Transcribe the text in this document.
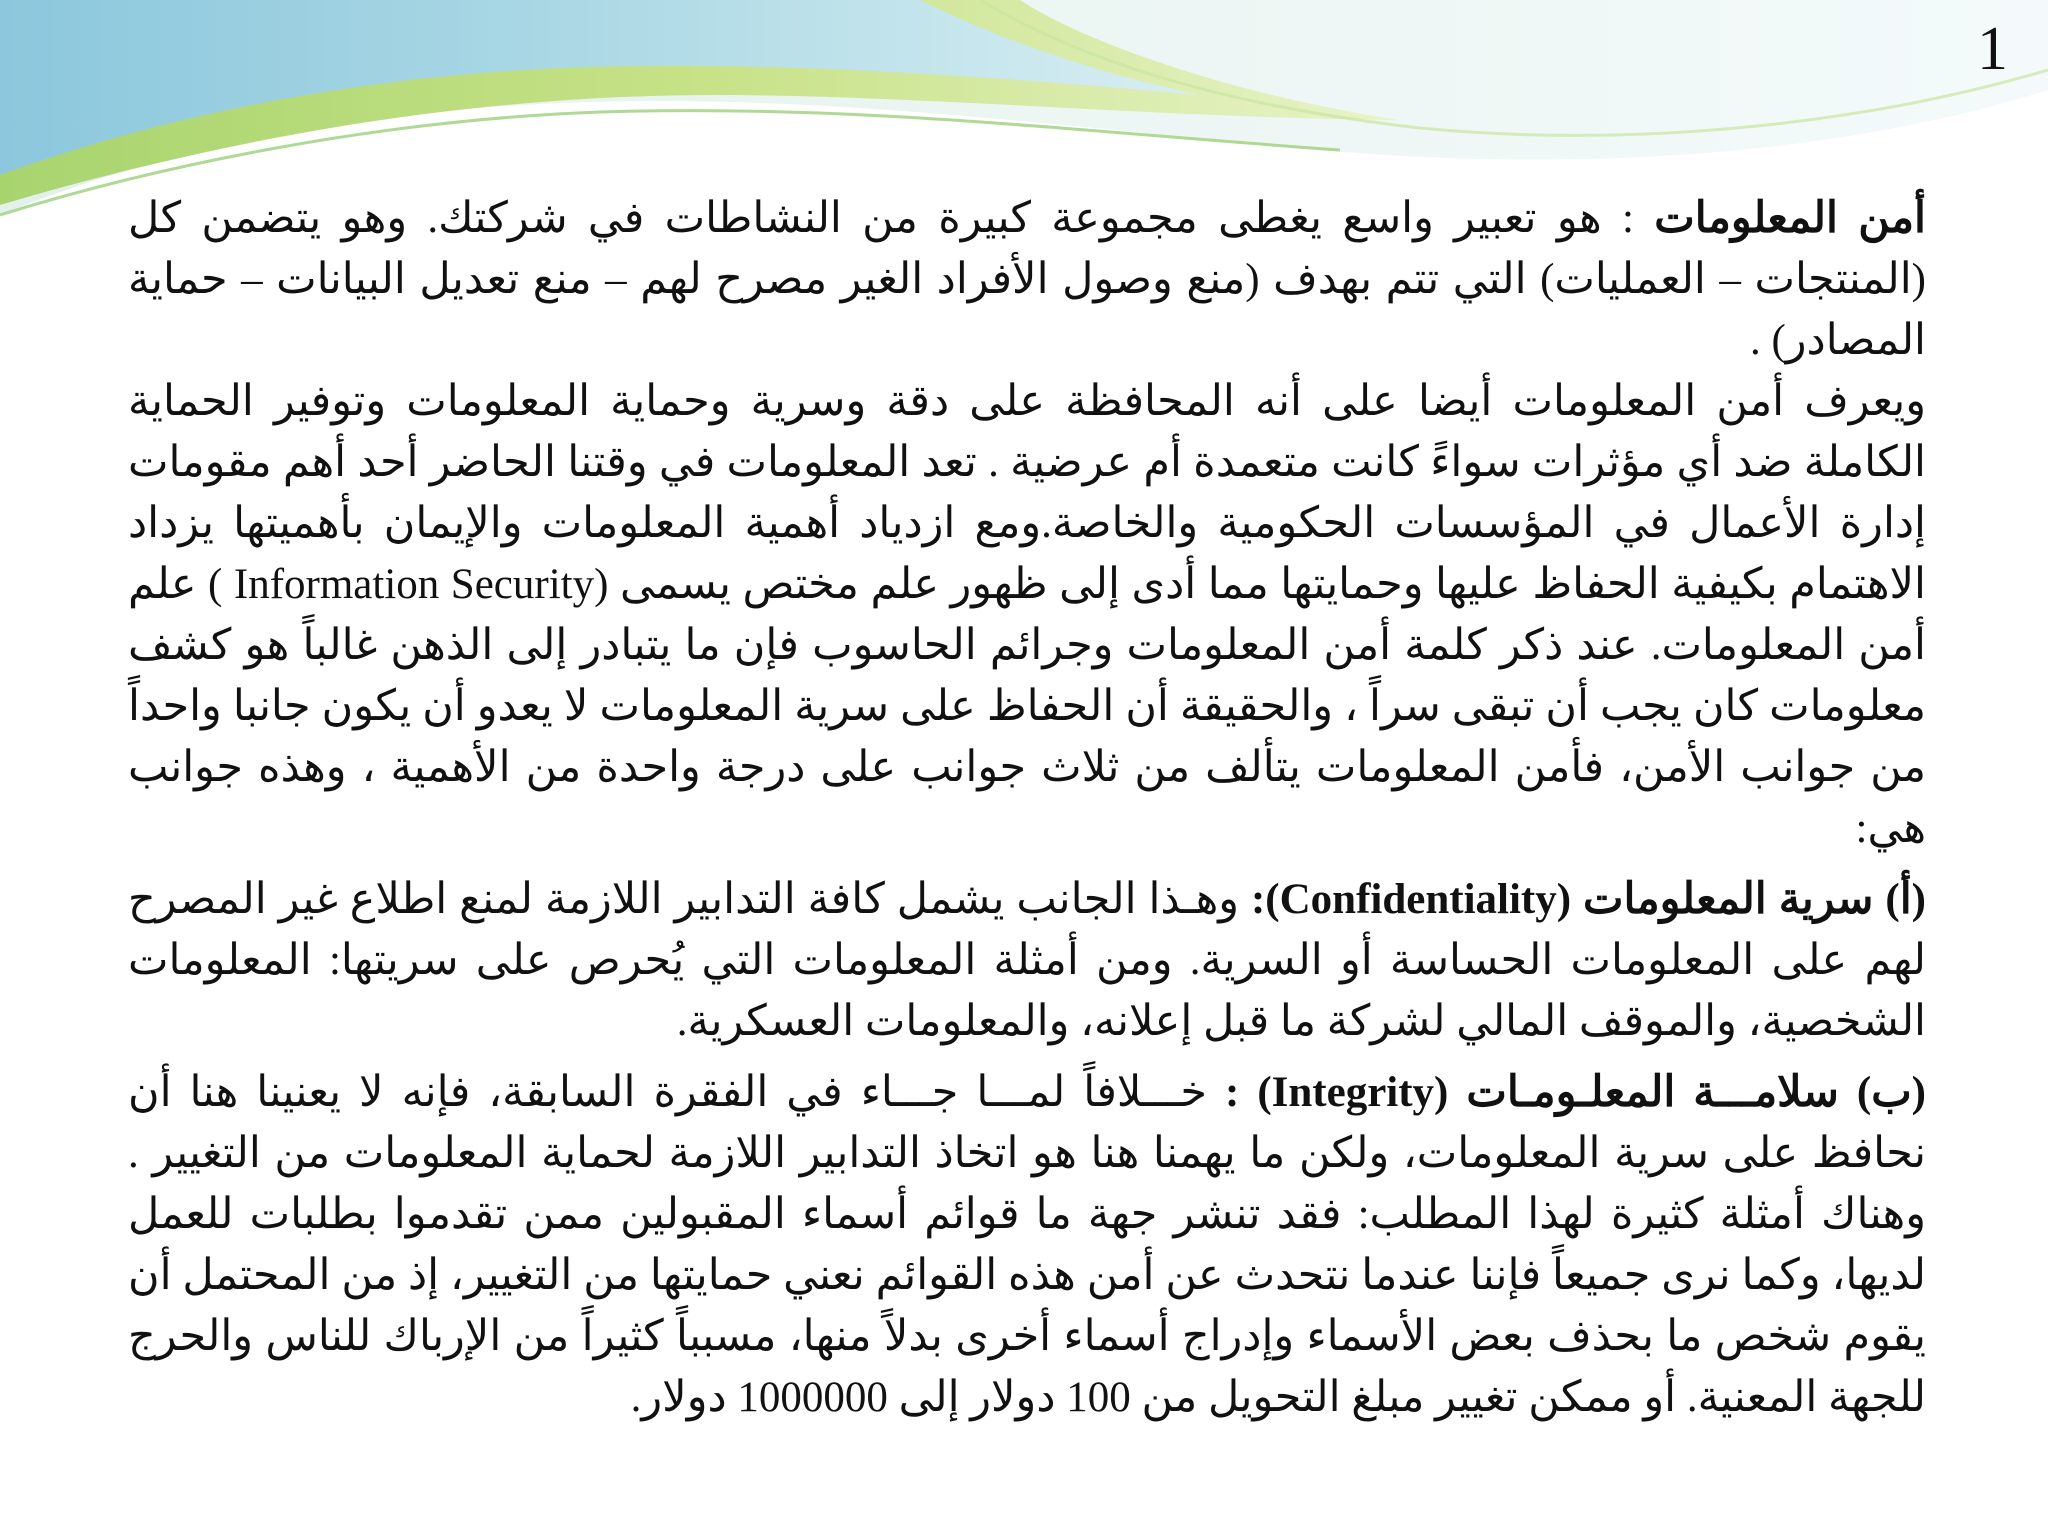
1

أمن المعلومات : هو تعبير واسع يغطى مجموعة كبيرة من النشاطات في شركتك. وهو يتضمن كل (المنتجات – العمليات) التي تتم بهدف (منع وصول الأفراد الغير مصرح لهم – منع تعديل البيانات – حماية المصادر) .
ويعرف أمن المعلومات أيضا على أنه المحافظة على دقة وسرية وحماية المعلومات وتوفير الحماية الكاملة ضد أي مؤثرات سواءً كانت متعمدة أم عرضية . تعد المعلومات في وقتنا الحاضر أحد أهم مقومات إدارة الأعمال في المؤسسات الحكومية والخاصة.ومع ازدياد أهمية المعلومات والإيمان بأهميتها يزداد الاهتمام بكيفية الحفاظ عليها وحمايتها مما أدى إلى ظهور علم مختص يسمى (Information Security ) علم أمن المعلومات. عند ذكر كلمة أمن المعلومات وجرائم الحاسوب فإن ما يتبادر إلى الذهن غالباً هو كشف معلومات كان يجب أن تبقى سراً ، والحقيقة أن الحفاظ على سرية المعلومات لا يعدو أن يكون جانبا واحداً من جوانب الأمن، فأمن المعلومات يتألف من ثلاث جوانب على درجة واحدة من الأهمية ، وهذه جوانب هي:

(أ) سرية المعلومات (Confidentiality): وهـذا الجانب يشمل كافة التدابير اللازمة لمنع اطلاع غير المصرح لهم على المعلومات الحساسة أو السرية. ومن أمثلة المعلومات التي يُحرص على سريتها: المعلومات الشخصية، والموقف المالي لشركة ما قبل إعلانه، والمعلومات العسكرية.

(ب) سلامـــة المعلـومـات (Integrity) : خـــلافاً لمـــا جـــاء في الفقرة السابقة، فإنه لا يعنينا هنا أن نحافظ على سرية المعلومات، ولكن ما يهمنا هنا هو اتخاذ التدابير اللازمة لحماية المعلومات من التغيير . وهناك أمثلة كثيرة لهذا المطلب: فقد تنشر جهة ما قوائم أسماء المقبولين ممن تقدموا بطلبات للعمل لديها، وكما نرى جميعاً فإننا عندما نتحدث عن أمن هذه القوائم نعني حمايتها من التغيير، إذ من المحتمل أن يقوم شخص ما بحذف بعض الأسماء وإدراج أسماء أخرى بدلاً منها، مسبباً كثيراً من الإرباك للناس والحرج للجهة المعنية. أو ممكن تغيير مبلغ التحويل من 100 دولار إلى 1000000 دولار.
